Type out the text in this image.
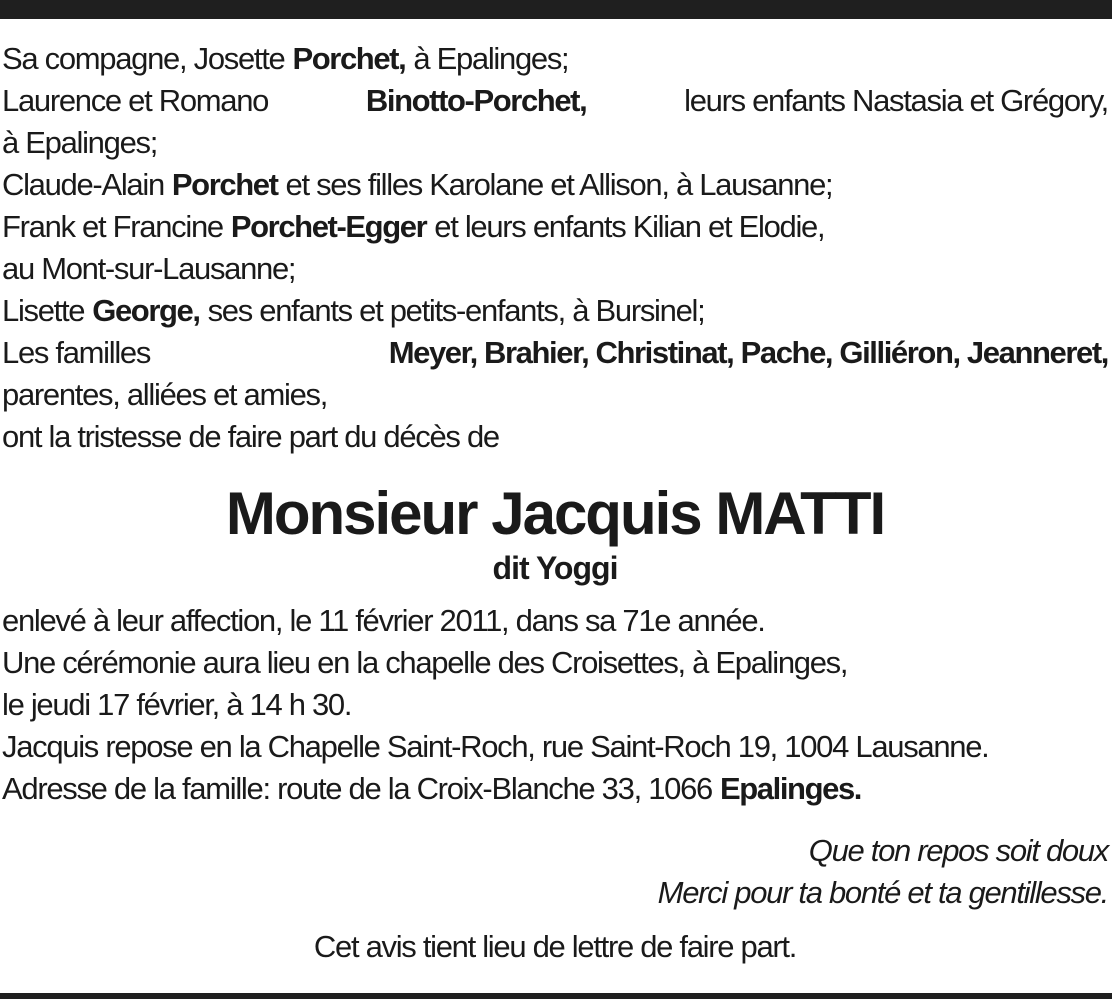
Sa compagne, Josette Porchet, à Epalinges;
Laurence et Romano	Binotto-Porchet,	leurs enfants Nastasia et Grégory,
à Epalinges;
Claude-Alain Porchet et ses filles Karolane et Allison, à Lausanne;
Frank et Francine Porchet-Egger et leurs enfants Kilian et Elodie,
au Mont-sur-Lausanne;
Lisette George, ses enfants et petits-enfants, à Bursinel;
Les familles	Meyer, Brahier, Christinat, Pache, Gilliéron, Jeanneret,
parentes, alliées et amies,
ont la tristesse de faire part du décès de
Monsieur Jacquis MATTI
dit Yoggi
enlevé à leur affection, le 11 février 2011, dans sa 71e année.
Une cérémonie aura lieu en la chapelle des Croisettes, à Epalinges,
le jeudi 17 février, à 14 h 30.
Jacquis repose en la Chapelle Saint-Roch, rue Saint-Roch 19, 1004 Lausanne.
Adresse de la famille: route de la Croix-Blanche 33, 1066 Epalinges.
Que ton repos soit doux
Merci pour ta bonté et ta gentillesse.
Cet avis tient lieu de lettre de faire part.
